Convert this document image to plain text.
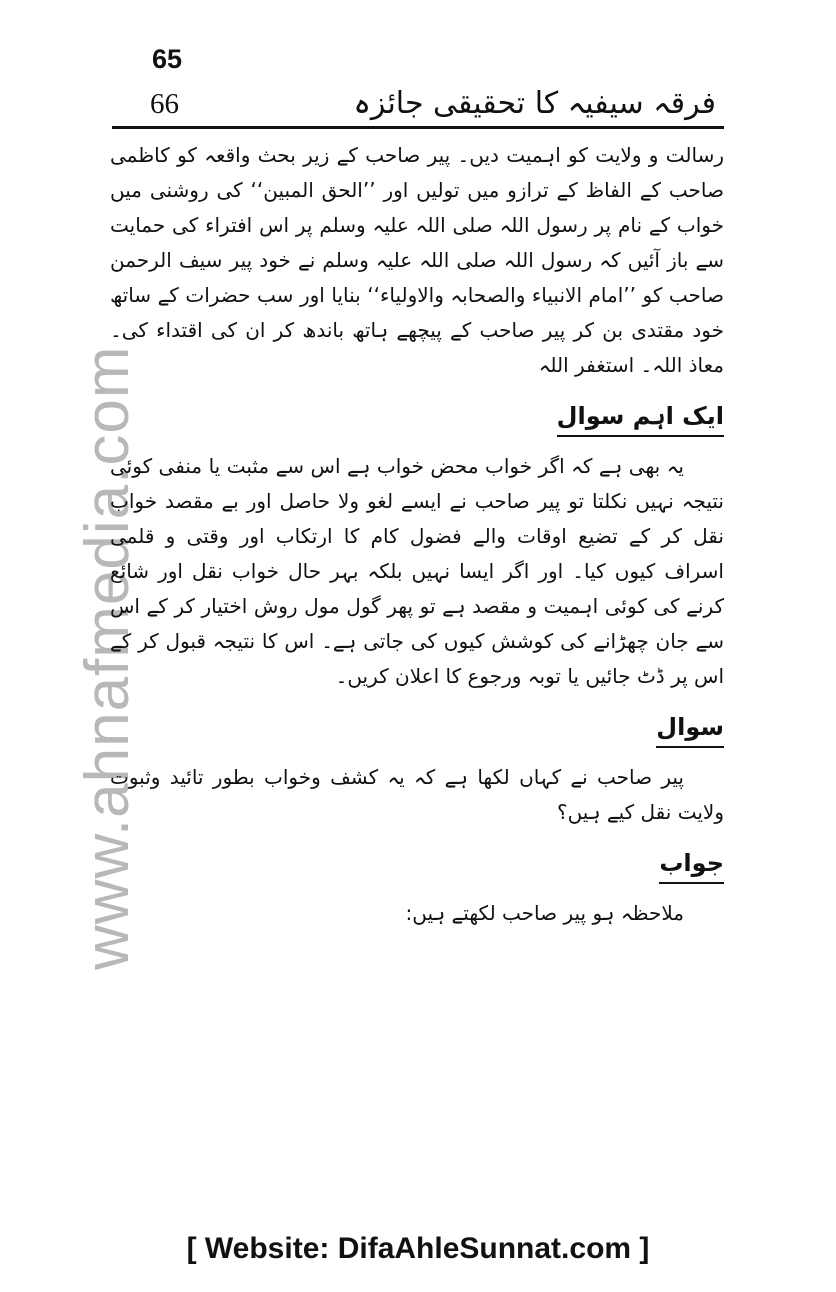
65
66	فرقہ سیفیہ کا تحقیقی جائزہ
www.ahnafmedia.com

رسالت و ولایت کو اہمیت دیں۔ پیر صاحب کے زیر بحث واقعہ کو کاظمی صاحب کے الفاظ کے ترازو میں تولیں اور ’’الحق المبین‘‘ کی روشنی میں خواب کے نام پر رسول اللہ صلی اللہ علیہ وسلم پر اس افتراء کی حمایت سے باز آئیں کہ رسول اللہ صلی اللہ علیہ وسلم نے خود پیر سیف الرحمن صاحب کو ’’امام الانبیاء والصحابہ والاولیاء‘‘ بنایا اور سب حضرات کے ساتھ خود مقتدی بن کر پیر صاحب کے پیچھے ہاتھ باندھ کر ان کی اقتداء کی۔ معاذ اللہ۔ استغفر اللہ

ایک اہم سوال

یہ بھی ہے کہ اگر خواب محض خواب ہے اس سے مثبت یا منفی کوئی نتیجہ نہیں نکلتا تو پیر صاحب نے ایسے لغو ولا حاصل اور بے مقصد خواب نقل کر کے تضیع اوقات والے فضول کام کا ارتکاب اور وقتی و قلمی اسراف کیوں کیا۔ اور اگر ایسا نہیں بلکہ بہر حال خواب نقل اور شائع کرنے کی کوئی اہمیت و مقصد ہے تو پھر گول مول روش اختیار کر کے اس سے جان چھڑانے کی کوشش کیوں کی جاتی ہے۔ اس کا نتیجہ قبول کر کے اس پر ڈٹ جائیں یا توبہ ورجوع کا اعلان کریں۔

سوال

پیر صاحب نے کہاں لکھا ہے کہ یہ کشف وخواب بطور تائید وثبوت ولایت نقل کیے ہیں؟

جواب

ملاحظہ ہو پیر صاحب لکھتے ہیں:

[ Website: DifaAhleSunnat.com ]
